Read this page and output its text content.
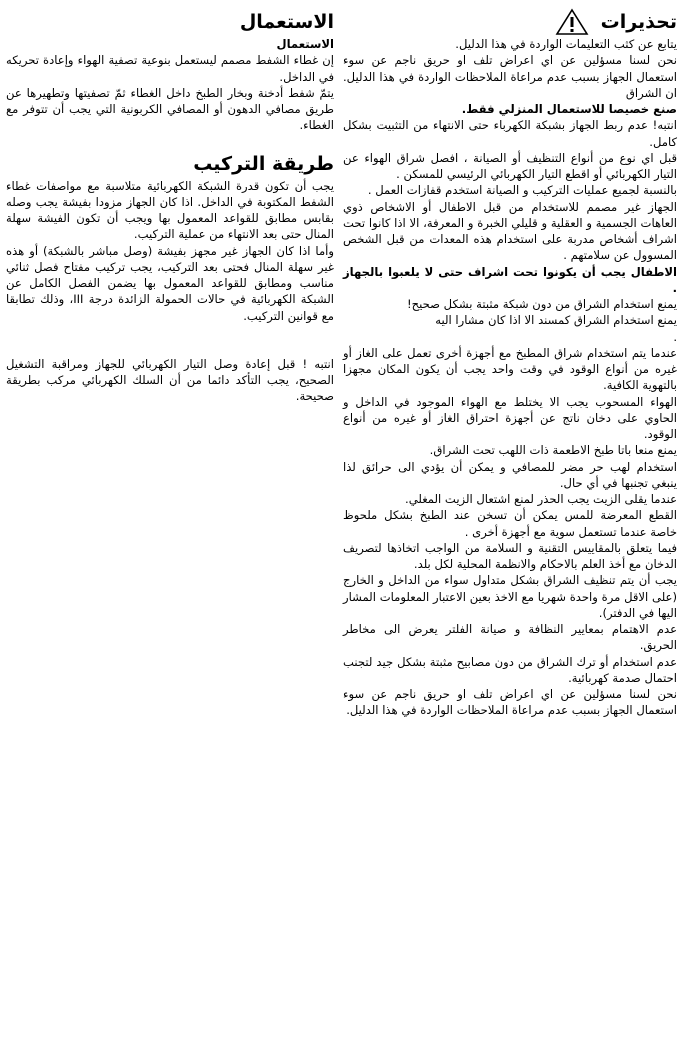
تحذيرات

يتابع عن كثب التعليمات الواردة في هذا الدليل.

نحن لسنا مسؤلين عن اي اعراض تلف او حريق ناجم عن سوء استعمال الجهاز بسبب عدم مراعاة الملاحظات الواردة في هذا الدليل. ان الشراق

صنع خصيصا للاستعمال المنزلي فقط.

انتبه! عدم ربط الجهاز بشبكة الكهرباء حتى الانتهاء من التثبيت بشكل كامل.

قبل اي نوع من أنواع التنظيف أو الصيانة ، افصل شراق الهواء عن التيار الكهربائي أو اقطع التيار الكهربائي الرئيسي للمسكن .

بالنسبة لجميع عمليات التركيب و الصيانة استخدم قفازات العمل .

الجهاز غير مصمم للاستخدام من قبل الاطفال أو الاشخاص ذوي العاهات الجسمية و العقلية و قليلي الخبرة و المعرفة، الا اذا كانوا تحت اشراف أشخاص مدربة على استخدام هذه المعدات من قبل الشخص المسوول عن سلامتهم .

الاطفال يجب أن يكونوا تحت اشراف حتى لا يلعبوا بالجهاز .

يمنع استخدام الشراق من دون شبكة مثبتة بشكل صحيح!

يمنع استخدام الشراق كمسند الا اذا كان مشارا اليه

.

عندما يتم استخدام شراق المطبخ مع أجهزة أخرى تعمل على الغاز أو غيره من أنواع الوقود في وقت واحد يجب أن يكون المكان مجهزا بالتهوية الكافية.

الهواء المسحوب يجب الا يختلط مع الهواء الموجود في الداخل و الحاوي على دخان ناتج عن أجهزة احتراق الغاز أو غيره من أنواع الوقود.

يمنع منعا باتا طبخ الاطعمة ذات اللهب تحت الشراق.

استخدام لهب حر مضر للمصافي و يمكن أن يؤدي الى حرائق لذا ينبغي تجنبها في أي حال.

عندما يقلى الزيت يجب الحذر لمنع اشتعال الزيت المغلي.

القطع المعرضة للمس يمكن أن تسخن عند الطبخ بشكل ملحوظ خاصة عندما تستعمل سوية مع أجهزة أخرى .

فيما يتعلق بالمقاييس التقنية و السلامة من الواجب اتخاذها لتصريف الدخان مع أخذ العلم بالاحكام والانظمة المحلية لكل بلد.

يجب أن يتم تنظيف الشراق بشكل متداول سواء من الداخل و الخارج (على الاقل مرة واحدة شهريا مع الاخذ بعين الاعتبار المعلومات المشار اليها في الدفتر).

عدم الاهتمام بمعايير النظافة و صيانة الفلتر يعرض الى مخاطر الحريق.

عدم استخدام أو ترك الشراق من دون مصابيح مثبتة بشكل جيد لتجنب احتمال صدمة كهربائية.

نحن لسنا مسؤلين عن اي اعراض تلف او حريق ناجم عن سوء استعمال الجهاز بسبب عدم مراعاة الملاحظات الواردة في هذا الدليل.

الاستعمال

الاستعمال

إن غطاء الشفط مصمم ليستعمل بنوعية تصفية الهواء وإعادة تحريكه في الداخل.

يتمّ شفط أدخنة وبخار الطبخ داخل الغطاء ثمّ تصفيتها وتطهيرها عن طريق مصافي الدهون أو المصافي الكربونية التي يجب أن تتوفر مع الغطاء.

طريقة التركيب

يجب أن تكون قدرة الشبكة الكهربائية متلاسبة مع مواصفات غطاء الشفط المكتوبة في الداخل. اذا كان الجهاز مزودا بفيشة يجب وصله بقابس مطابق للقواعد المعمول بها ويجب أن تكون الفيشة سهلة المنال حتى بعد الانتهاء من عملية التركيب.

وأما اذا كان الجهاز غير مجهز بفيشة (وصل مباشر بالشبكة) أو هذه غير سهلة المنال فحتى بعد التركيب، يجب تركيب مفتاح فصل ثنائي مناسب ومطابق للقواعد المعمول بها يضمن الفصل الكامل عن الشبكة الكهربائية في حالات الحمولة الزائدة درجة III، وذلك تطابقا مع قوانين التركيب.

انتبه ! قبل إعادة وصل التيار الكهربائي للجهاز ومراقبة التشغيل الصحيح، يجب التأكد دائما من أن السلك الكهربائي مركب بطريقة صحيحة.
